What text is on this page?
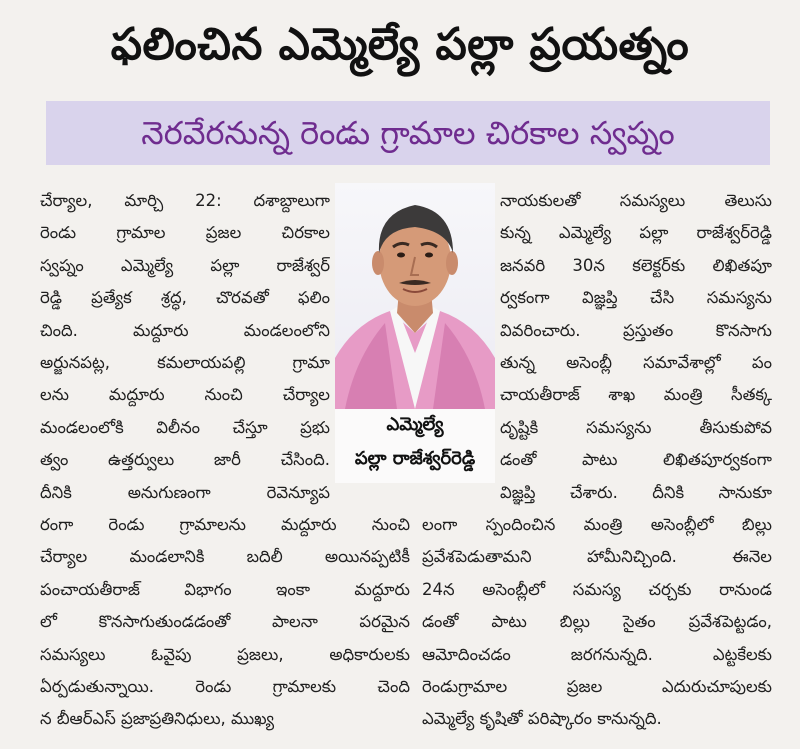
ఫలించిన ఎమ్మెల్యే పల్లా ప్రయత్నం
నెరవేరనున్న రెండు గ్రామాల చిరకాల స్వప్నం
ఎమ్మెల్యే
పల్లా రాజేశ్వర్‌రెడ్డి
చేర్యాల, మార్చి 22: దశాబ్దాలుగా
రెండు గ్రామాల ప్రజల చిరకాల
స్వప్నం ఎమ్మెల్యే పల్లా రాజేశ్వర్‌
రెడ్డి ప్రత్యేక శ్రద్ధ, చొరవతో ఫలిం
చింది. మద్దూరు మండలంలోని
అర్జునపట్ల, కమలాయపల్లి గ్రామా
లను మద్దూరు నుంచి చేర్యాల
మండలంలోకి విలీనం చేస్తూ ప్రభు
త్వం ఉత్తర్వులు జారీ చేసింది.
దీనికి అనుగుణంగా రెవెన్యూప
రంగా రెండు గ్రామాలను మద్దూరు నుంచి
చేర్యాల మండలానికి బదిలీ అయినప్పటికీ
పంచాయతీరాజ్‌ విభాగం ఇంకా మద్దూరు
లో కొనసాగుతుండడంతో పాలనా పరమైన
సమస్యలు ఓవైపు ప్రజలు, అధికారులకు
ఏర్పడుతున్నాయి. రెండు గ్రామాలకు చెంది
న బీఆర్‌ఎస్‌ ప్రజాప్రతినిధులు, ముఖ్య
నాయకులతో సమస్యలు తెలుసు
కున్న ఎమ్మెల్యే పల్లా రాజేశ్వర్‌రెడ్డి
జనవరి 30న కలెక్టర్‌కు లిఖితపూ
ర్వకంగా విజ్ఞప్తి చేసి సమస్యను
వివరించారు. ప్రస్తుతం కొనసాగు
తున్న అసెంబ్లీ సమావేశాల్లో పం
చాయతీరాజ్‌ శాఖ మంత్రి సీతక్క
దృష్టికి సమస్యను తీసుకుపోవ
డంతో పాటు లిఖితపూర్వకంగా
విజ్ఞప్తి చేశారు. దీనికి సానుకూ
లంగా స్పందించిన మంత్రి అసెంబ్లీలో బిల్లు
ప్రవేశపెడుతామని హామీనిచ్చింది. ఈనెల
24న అసెంబ్లీలో సమస్య చర్చకు రానుండ
డంతో పాటు బిల్లు సైతం ప్రవేశపెట్టడం,
ఆమోదించడం జరగనున్నది. ఎట్టకేలకు
రెండుగ్రామాల ప్రజల ఎదురుచూపులకు
ఎమ్మెల్యే కృషితో పరిష్కారం కానున్నది.
